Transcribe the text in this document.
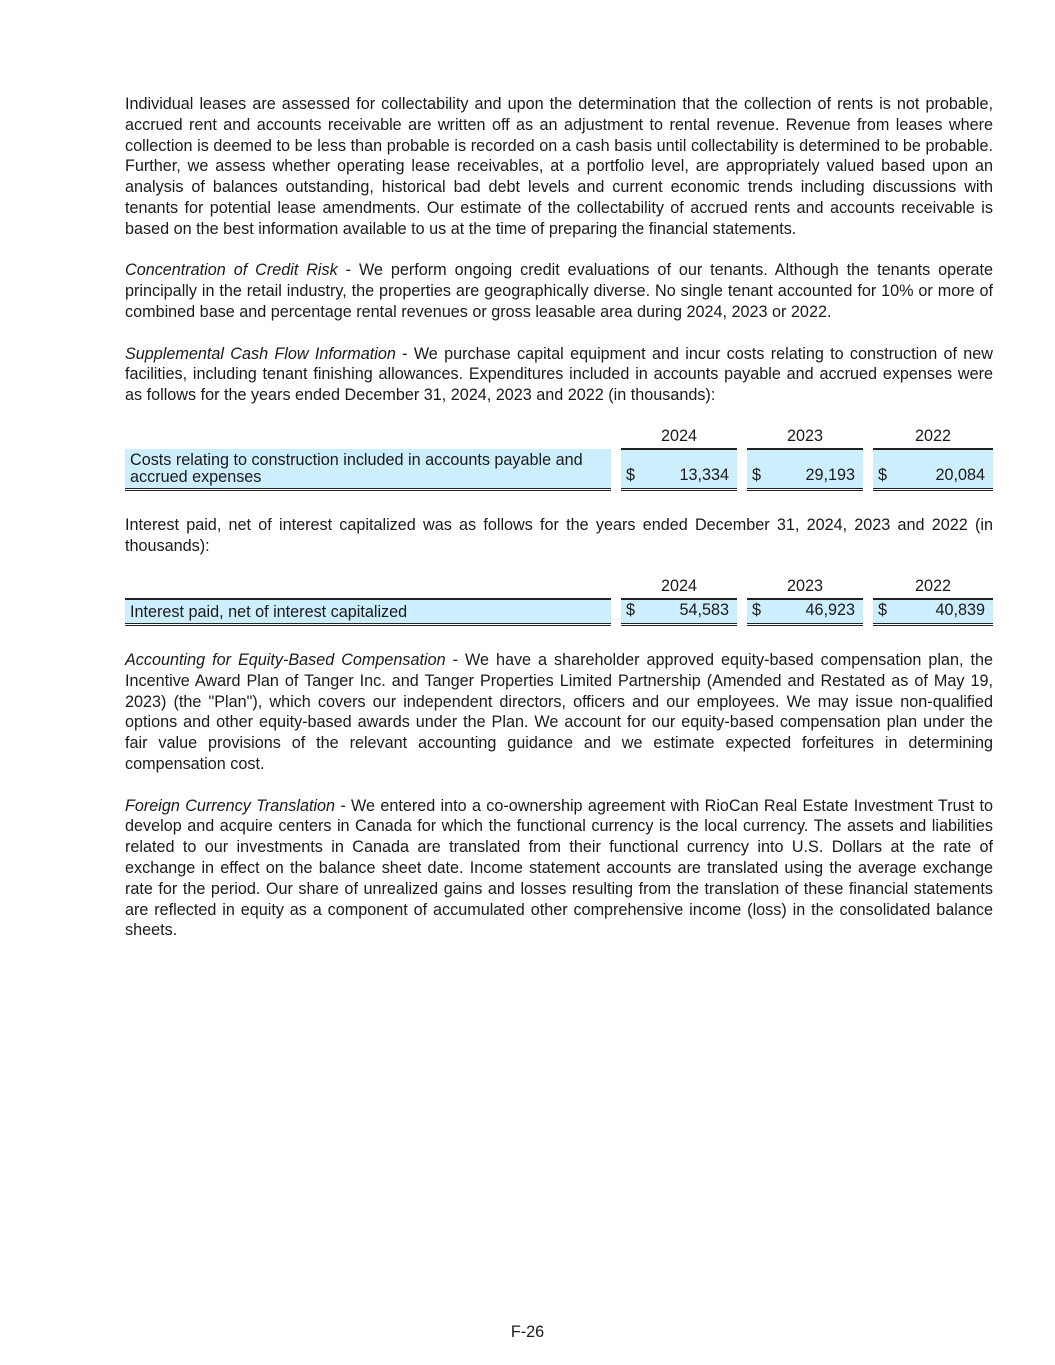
Individual leases are assessed for collectability and upon the determination that the collection of rents is not probable, accrued rent and accounts receivable are written off as an adjustment to rental revenue. Revenue from leases where collection is deemed to be less than probable is recorded on a cash basis until collectability is determined to be probable. Further, we assess whether operating lease receivables, at a portfolio level, are appropriately valued based upon an analysis of balances outstanding, historical bad debt levels and current economic trends including discussions with tenants for potential lease amendments. Our estimate of the collectability of accrued rents and accounts receivable is based on the best information available to us at the time of preparing the financial statements.

Concentration of Credit Risk - We perform ongoing credit evaluations of our tenants. Although the tenants operate principally in the retail industry, the properties are geographically diverse. No single tenant accounted for 10% or more of combined base and percentage rental revenues or gross leasable area during 2024, 2023 or 2022.

Supplemental Cash Flow Information - We purchase capital equipment and incur costs relating to construction of new facilities, including tenant finishing allowances. Expenditures included in accounts payable and accrued expenses were as follows for the years ended December 31, 2024, 2023 and 2022 (in thousands):

		2024			2023			2022	
Costs relating to construction included in accounts payable and accrued expenses		$	13,334		$	29,193		$	20,084

Interest paid, net of interest capitalized was as follows for the years ended December 31, 2024, 2023 and 2022 (in thousands):

		2024			2023			2022	
Interest paid, net of interest capitalized		$	54,583		$	46,923		$	40,839

Accounting for Equity-Based Compensation - We have a shareholder approved equity-based compensation plan, the Incentive Award Plan of Tanger Inc. and Tanger Properties Limited Partnership (Amended and Restated as of May 19, 2023) (the "Plan"), which covers our independent directors, officers and our employees. We may issue non-qualified options and other equity-based awards under the Plan. We account for our equity-based compensation plan under the fair value provisions of the relevant accounting guidance and we estimate expected forfeitures in determining compensation cost.

Foreign Currency Translation - We entered into a co-ownership agreement with RioCan Real Estate Investment Trust to develop and acquire centers in Canada for which the functional currency is the local currency. The assets and liabilities related to our investments in Canada are translated from their functional currency into U.S. Dollars at the rate of exchange in effect on the balance sheet date. Income statement accounts are translated using the average exchange rate for the period. Our share of unrealized gains and losses resulting from the translation of these financial statements are reflected in equity as a component of accumulated other comprehensive income (loss) in the consolidated balance sheets.

F-26
